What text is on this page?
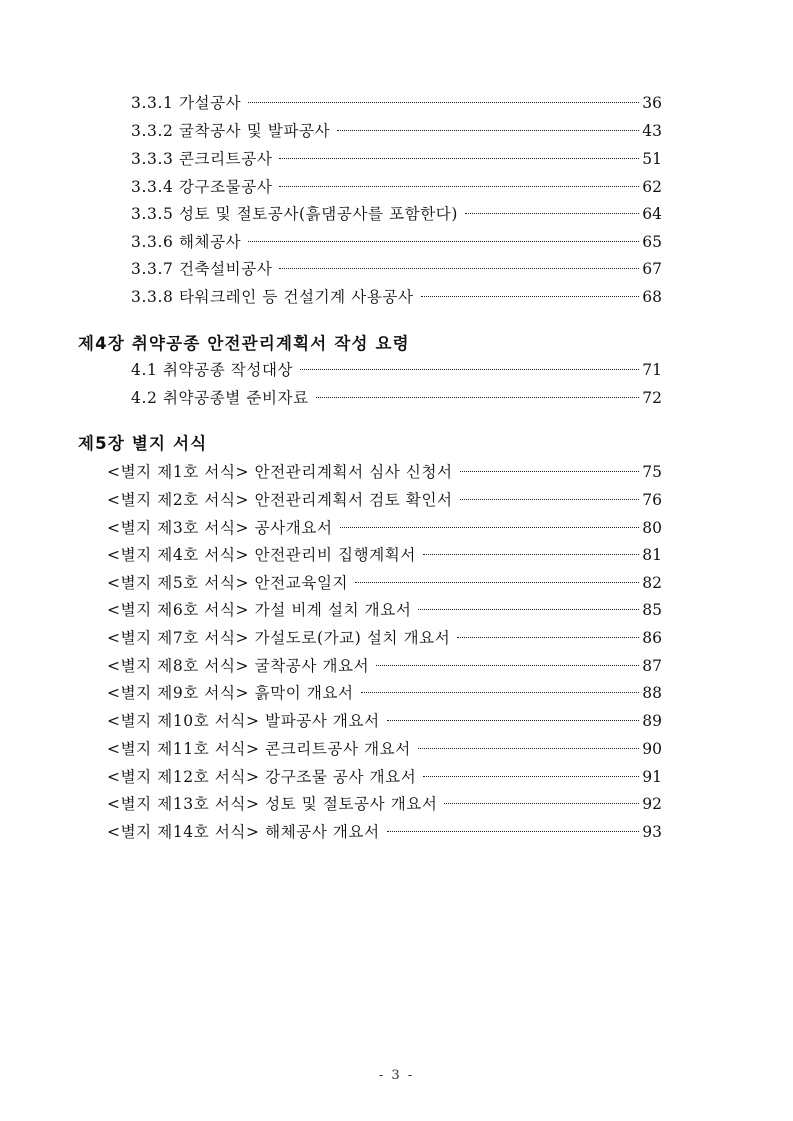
3.3.1 가설공사	36
3.3.2 굴착공사 및 발파공사	43
3.3.3 콘크리트공사	51
3.3.4 강구조물공사	62
3.3.5 성토 및 절토공사(흙댐공사를 포함한다)	64
3.3.6 해체공사	65
3.3.7 건축설비공사	67
3.3.8 타워크레인 등 건설기계 사용공사	68
제4장 취약공종 안전관리계획서 작성 요령
4.1 취약공종 작성대상	71
4.2 취약공종별 준비자료	72
제5장 별지 서식
<별지 제1호 서식> 안전관리계획서 심사 신청서	75
<별지 제2호 서식> 안전관리계획서 검토 확인서	76
<별지 제3호 서식> 공사개요서	80
<별지 제4호 서식> 안전관리비 집행계획서	81
<별지 제5호 서식> 안전교육일지	82
<별지 제6호 서식> 가설 비계 설치 개요서	85
<별지 제7호 서식> 가설도로(가교) 설치 개요서	86
<별지 제8호 서식> 굴착공사 개요서	87
<별지 제9호 서식> 흙막이 개요서	88
<별지 제10호 서식> 발파공사 개요서	89
<별지 제11호 서식> 콘크리트공사 개요서	90
<별지 제12호 서식> 강구조물 공사 개요서	91
<별지 제13호 서식> 성토 및 절토공사 개요서	92
<별지 제14호 서식> 해체공사 개요서	93
- 3 -
